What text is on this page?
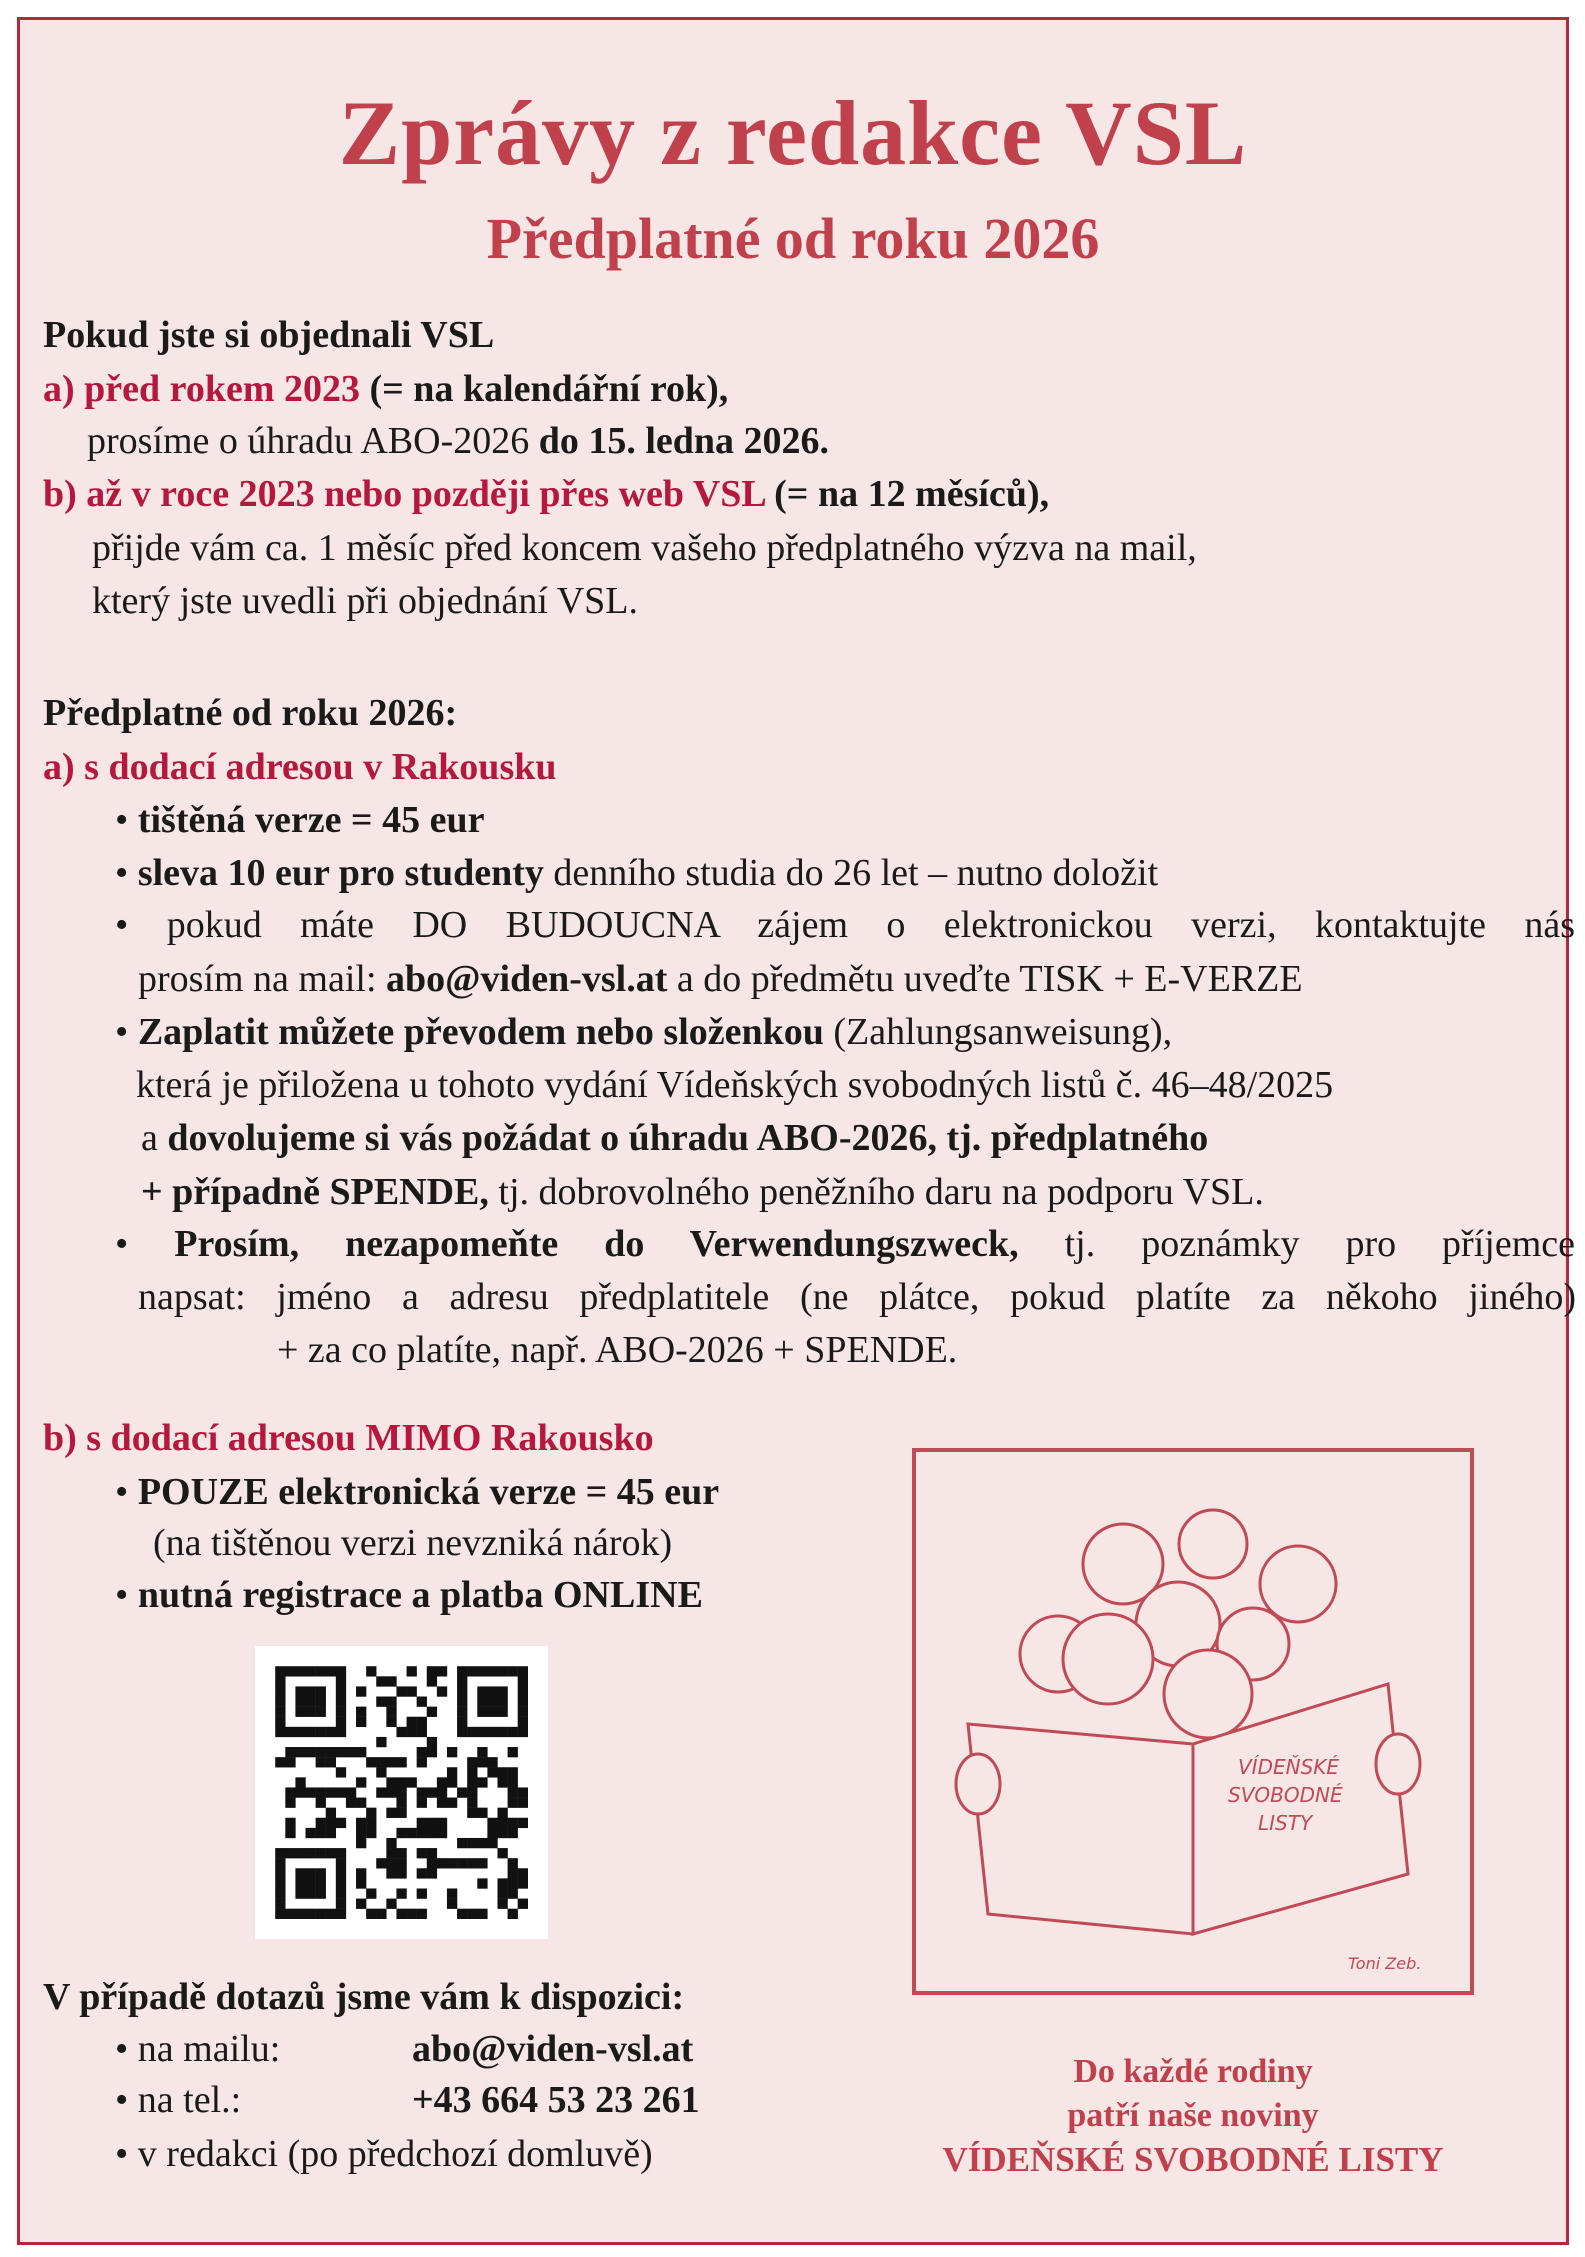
Zprávy z redakce VSL
Předplatné od roku 2026
Pokud jste si objednali VSL
a) před rokem 2023 (= na kalendářní rok),
prosíme o úhradu ABO-2026 do 15. ledna 2026.
b) až v roce 2023 nebo později přes web VSL (= na 12 měsíců),
přijde vám ca. 1 měsíc před koncem vašeho předplatného výzva na mail,
který jste uvedli při objednání VSL.
Předplatné od roku 2026:
a) s dodací adresou v Rakousku
• tištěná verze = 45 eur
• sleva 10 eur pro studenty denního studia do 26 let – nutno doložit
• pokud máte DO BUDOUCNA zájem o elektronickou verzi, kontaktujte nás
prosím na mail: abo@viden-vsl.at a do předmětu uveďte TISK + E-VERZE
• Zaplatit můžete převodem nebo složenkou (Zahlungsanweisung),
která je přiložena u tohoto vydání Vídeňských svobodných listů č. 46–48/2025
a dovolujeme si vás požádat o úhradu ABO-2026, tj. předplatného
+ případně SPENDE, tj. dobrovolného peněžního daru na podporu VSL.
• Prosím, nezapomeňte do Verwendungszweck, tj. poznámky pro příjemce
napsat: jméno a adresu předplatitele (ne plátce, pokud platíte za někoho jiného)
+ za co platíte, např. ABO-2026 + SPENDE.
b) s dodací adresou MIMO Rakousko
• POUZE elektronická verze = 45 eur
(na tištěnou verzi nevzniká nárok)
• nutná registrace a platba ONLINE
V případě dotazů jsme vám k dispozici:
• na mailu:	abo@viden-vsl.at
• na tel.:	+43 664 53 23 261
• v redakci (po předchozí domluvě)
VÍDEŇSKÉ
SVOBODNÉ
LISTY
Toni Zeb.
Do každé rodiny
patří naše noviny
VÍDEŇSKÉ SVOBODNÉ LISTY
